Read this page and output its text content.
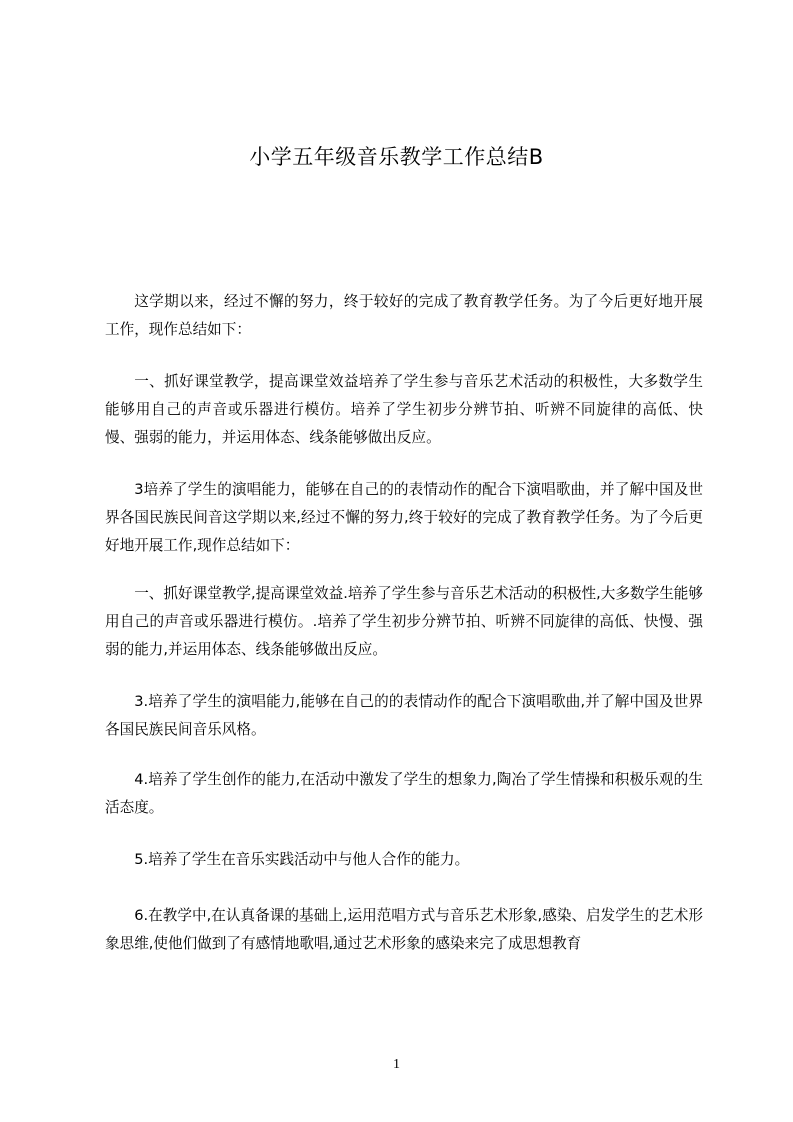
小学五年级音乐教学工作总结B

这学期以来，经过不懈的努力，终于较好的完成了教育教学任务。为了今后更好地开展工作，现作总结如下：

一、抓好课堂教学，提高课堂效益培养了学生参与音乐艺术活动的积极性，大多数学生能够用自己的声音或乐器进行模仿。培养了学生初步分辨节拍、听辨不同旋律的高低、快慢、强弱的能力，并运用体态、线条能够做出反应。

3培养了学生的演唱能力，能够在自己的的表情动作的配合下演唱歌曲，并了解中国及世界各国民族民间音这学期以来,经过不懈的努力,终于较好的完成了教育教学任务。为了今后更好地开展工作,现作总结如下：

一、抓好课堂教学,提高课堂效益.培养了学生参与音乐艺术活动的积极性,大多数学生能够用自己的声音或乐器进行模仿。.培养了学生初步分辨节拍、听辨不同旋律的高低、快慢、强弱的能力,并运用体态、线条能够做出反应。

3.培养了学生的演唱能力,能够在自己的的表情动作的配合下演唱歌曲,并了解中国及世界各国民族民间音乐风格。

4.培养了学生创作的能力,在活动中激发了学生的想象力,陶冶了学生情操和积极乐观的生活态度。

5.培养了学生在音乐实践活动中与他人合作的能力。

6.在教学中,在认真备课的基础上,运用范唱方式与音乐艺术形象,感染、启发学生的艺术形象思维,使他们做到了有感情地歌唱,通过艺术形象的感染来完了成思想教育

1
